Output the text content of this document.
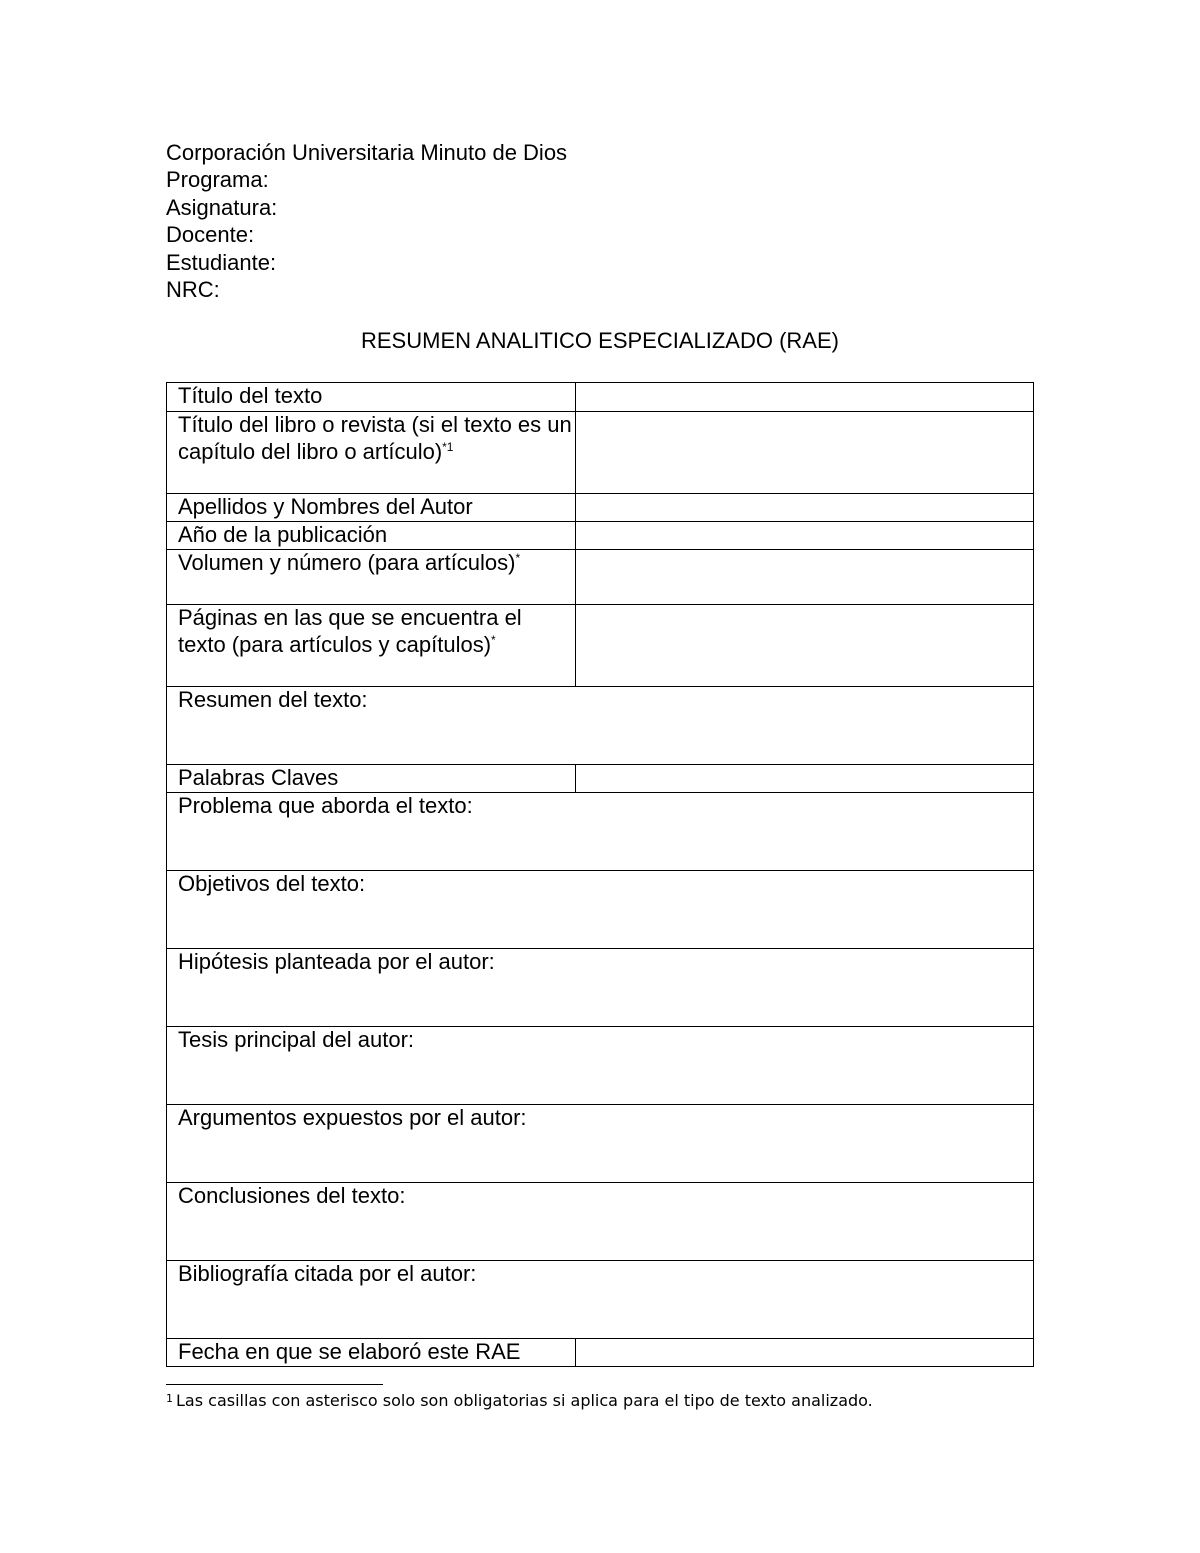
Corporación Universitaria Minuto de Dios
Programa:
Asignatura:
Docente:
Estudiante:
NRC:
RESUMEN ANALITICO ESPECIALIZADO (RAE)
Título del texto	
Título del libro o revista (si el texto es un capítulo del libro o artículo)$^{*1}$	
Apellidos y Nombres del Autor	
Año de la publicación	
Volumen y número (para artículos)*	
Páginas en las que se encuentra el texto (para artículos y capítulos)*	
Resumen del texto:	
Palabras Claves	
Problema que aborda el texto:	
Objetivos del texto:	
Hipótesis planteada por el autor:	
Tesis principal del autor:	
Argumentos expuestos por el autor:	
Conclusiones del texto:	
Bibliografía citada por el autor:	
Fecha en que se elaboró este RAE	
$^1$ Las casillas con asterisco solo son obligatorias si aplica para el tipo de texto analizado.
